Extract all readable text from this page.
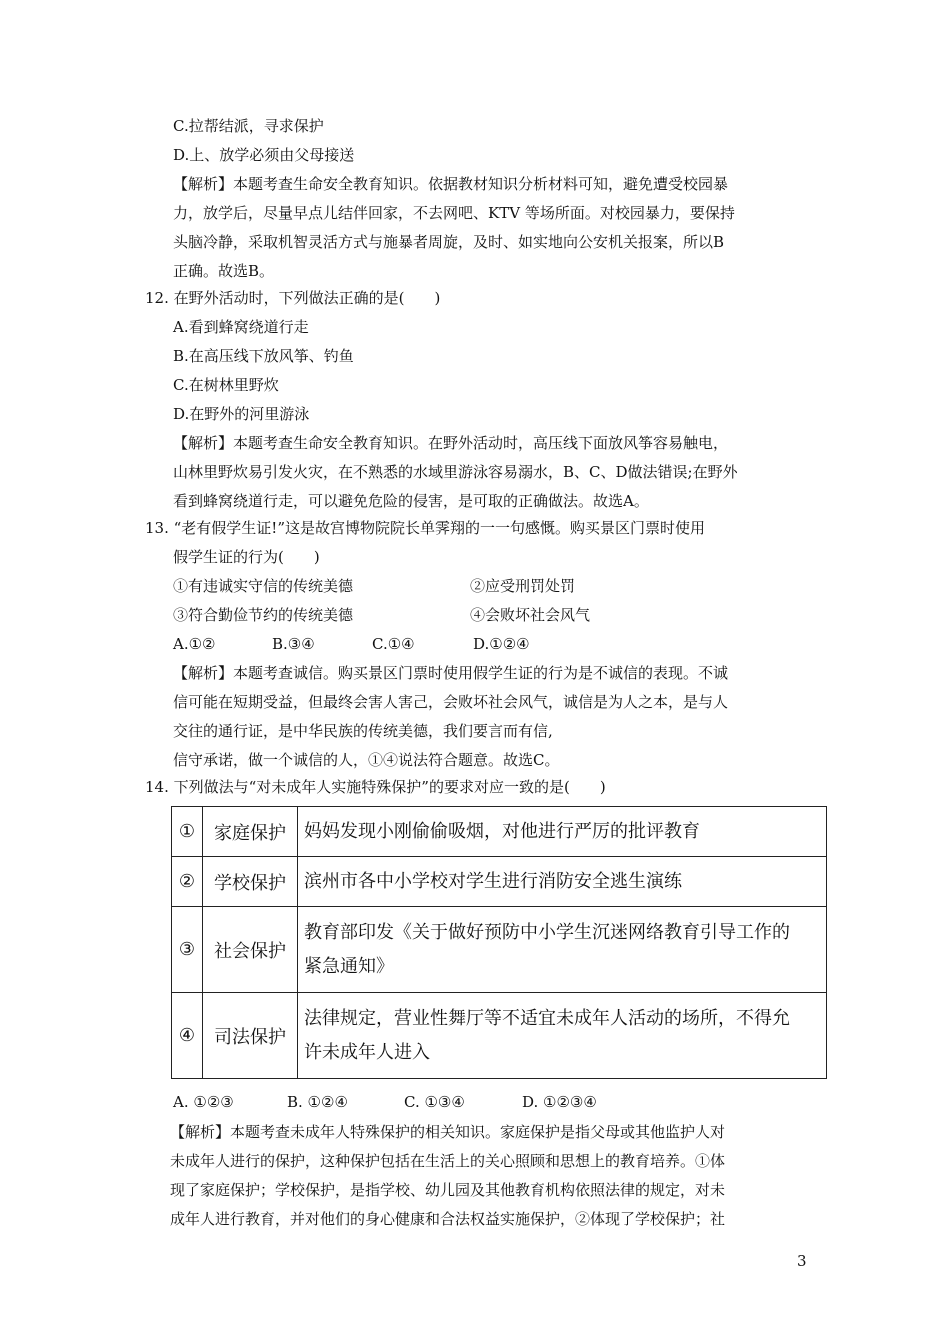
C.拉帮结派，寻求保护
D.上、放学必须由父母接送
【解析】本题考查生命安全教育知识。依据教材知识分析材料可知，避免遭受校园暴
力，放学后，尽量早点儿结伴回家，不去网吧、KTV 等场所面。对校园暴力，要保持
头脑冷静，采取机智灵活方式与施暴者周旋，及时、如实地向公安机关报案，所以B
正确。故选B。
12. 在野外活动时，下列做法正确的是(　　)
A.看到蜂窝绕道行走
B.在高压线下放风筝、钓鱼
C.在树林里野炊
D.在野外的河里游泳
【解析】本题考查生命安全教育知识。在野外活动时，高压线下面放风筝容易触电，
山林里野炊易引发火灾，在不熟悉的水域里游泳容易溺水，B、C、D做法错误;在野外
看到蜂窝绕道行走，可以避免危险的侵害，是可取的正确做法。故选A。
13. “老有假学生证!”这是故宫博物院院长单霁翔的一一句感慨。购买景区门票时使用
假学生证的行为(　　)
①有违诚实守信的传统美德	②应受刑罚处罚
③符合勤俭节约的传统美德	④会败坏社会风气
A.①②	B.③④	C.①④	D.①②④
【解析】本题考查诚信。购买景区门票时使用假学生证的行为是不诚信的表现。不诚
信可能在短期受益，但最终会害人害己，会败坏社会风气，诚信是为人之本，是与人
交往的通行证，是中华民族的传统美德，我们要言而有信,
信守承诺，做一个诚信的人，①④说法符合题意。故选C。
14. 下列做法与“对未成年人实施特殊保护”的要求对应一致的是(　　)
①	家庭保护	妈妈发现小刚偷偷吸烟，对他进行严厉的批评教育
②	学校保护	滨州市各中小学校对学生进行消防安全逃生演练
③	社会保护	教育部印发《关于做好预防中小学生沉迷网络教育引导工作的
紧急通知》

④	司法保护	法律规定，营业性舞厅等不适宜未成年人活动的场所，不得允
许未成年人进入
A. ①②③	B. ①②④	C. ①③④	D. ①②③④
【解析】本题考查未成年人特殊保护的相关知识。家庭保护是指父母或其他监护人对
未成年人进行的保护，这种保护包括在生活上的关心照顾和思想上的教育培养。①体
现了家庭保护；学校保护，是指学校、幼儿园及其他教育机构依照法律的规定，对未
成年人进行教育，并对他们的身心健康和合法权益实施保护，②体现了学校保护；社
3
